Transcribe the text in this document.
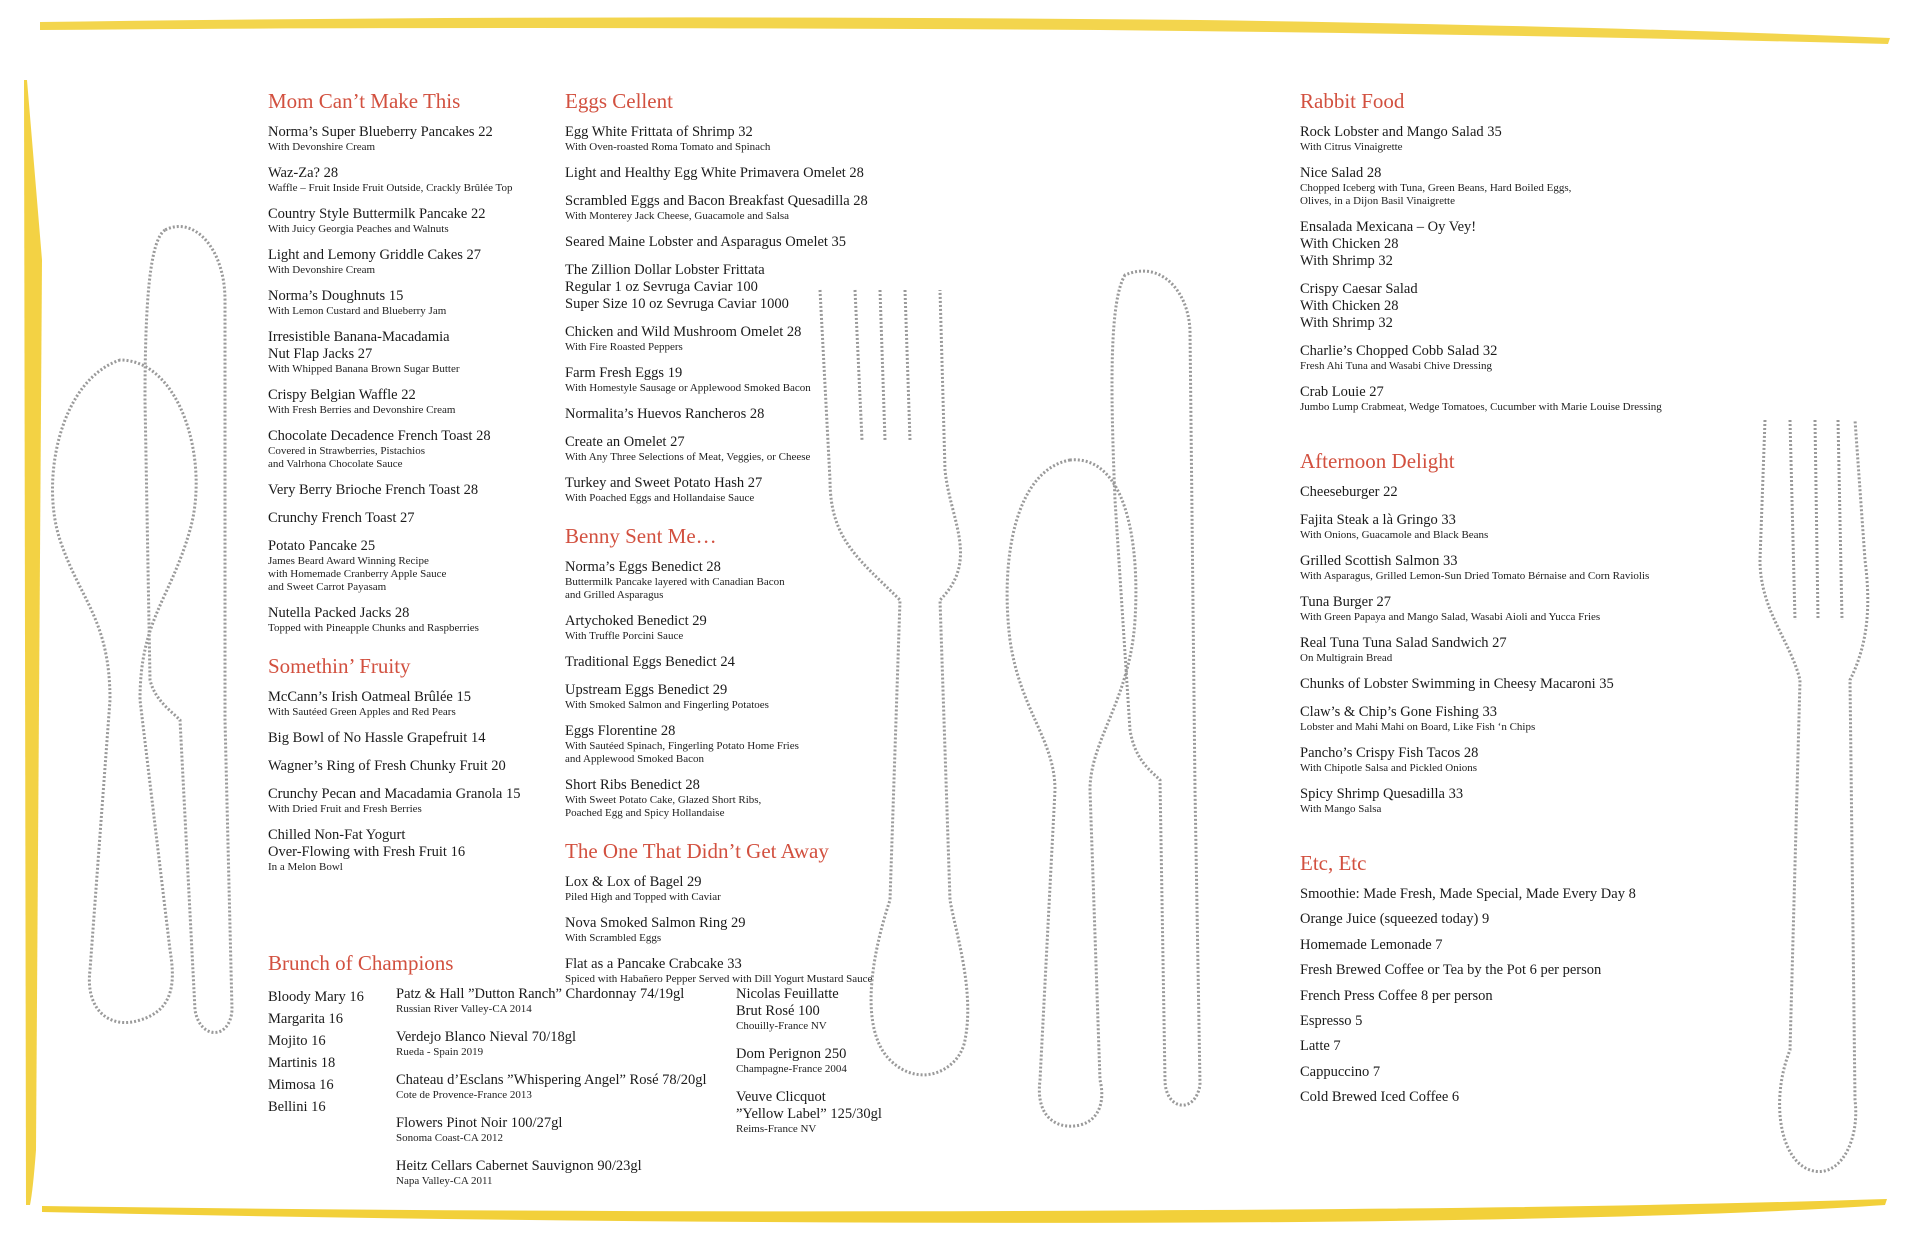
Mom Can’t Make This
Norma’s Super Blueberry Pancakes 22
With Devonshire Cream
Waz-Za? 28
Waffle – Fruit Inside Fruit Outside, Crackly Brûlée Top
Country Style Buttermilk Pancake 22
With Juicy Georgia Peaches and Walnuts
Light and Lemony Griddle Cakes 27
With Devonshire Cream
Norma’s Doughnuts 15
With Lemon Custard and Blueberry Jam
Irresistible Banana-Macadamia
Nut Flap Jacks 27
With Whipped Banana Brown Sugar Butter
Crispy Belgian Waffle 22
With Fresh Berries and Devonshire Cream
Chocolate Decadence French Toast 28
Covered in Strawberries, Pistachios
and Valrhona Chocolate Sauce
Very Berry Brioche French Toast 28
Crunchy French Toast 27
Potato Pancake 25
James Beard Award Winning Recipe
with Homemade Cranberry Apple Sauce
and Sweet Carrot Payasam
Nutella Packed Jacks 28
Topped with Pineapple Chunks and Raspberries
Somethin’ Fruity
McCann’s Irish Oatmeal Brûlée 15
With Sautéed Green Apples and Red Pears
Big Bowl of No Hassle Grapefruit 14
Wagner’s Ring of Fresh Chunky Fruit 20
Crunchy Pecan and Macadamia Granola 15
With Dried Fruit and Fresh Berries
Chilled Non-Fat Yogurt
Over-Flowing with Fresh Fruit 16
In a Melon Bowl
Eggs Cellent
Egg White Frittata of Shrimp 32
With Oven-roasted Roma Tomato and Spinach
Light and Healthy Egg White Primavera Omelet 28
Scrambled Eggs and Bacon Breakfast Quesadilla 28
With Monterey Jack Cheese, Guacamole and Salsa
Seared Maine Lobster and Asparagus Omelet 35
The Zillion Dollar Lobster Frittata
Regular 1 oz Sevruga Caviar 100
Super Size 10 oz Sevruga Caviar 1000
Chicken and Wild Mushroom Omelet 28
With Fire Roasted Peppers
Farm Fresh Eggs 19
With Homestyle Sausage or Applewood Smoked Bacon
Normalita’s Huevos Rancheros 28
Create an Omelet 27
With Any Three Selections of Meat, Veggies, or Cheese
Turkey and Sweet Potato Hash 27
With Poached Eggs and Hollandaise Sauce
Benny Sent Me…
Norma’s Eggs Benedict 28
Buttermilk Pancake layered with Canadian Bacon
and Grilled Asparagus
Artychoked Benedict 29
With Truffle Porcini Sauce
Traditional Eggs Benedict 24
Upstream Eggs Benedict 29
With Smoked Salmon and Fingerling Potatoes
Eggs Florentine 28
With Sautéed Spinach, Fingerling Potato Home Fries
and Applewood Smoked Bacon
Short Ribs Benedict 28
With Sweet Potato Cake, Glazed Short Ribs,
Poached Egg and Spicy Hollandaise
The One That Didn’t Get Away
Lox & Lox of Bagel 29
Piled High and Topped with Caviar
Nova Smoked Salmon Ring 29
With Scrambled Eggs
Flat as a Pancake Crabcake 33
Spiced with Habañero Pepper Served with Dill Yogurt Mustard Sauce
Brunch of Champions
Bloody Mary 16
Margarita 16
Mojito 16
Martinis 18
Mimosa 16
Bellini 16
Patz & Hall ”Dutton Ranch” Chardonnay 74/19gl
Russian River Valley-CA 2014
Verdejo Blanco Nieval 70/18gl
Rueda - Spain 2019
Chateau d’Esclans ”Whispering Angel” Rosé 78/20gl
Cote de Provence-France 2013
Flowers Pinot Noir 100/27gl
Sonoma Coast-CA 2012
Heitz Cellars Cabernet Sauvignon 90/23gl
Napa Valley-CA 2011
Nicolas Feuillatte
Brut Rosé 100
Chouilly-France NV
Dom Perignon 250
Champagne-France 2004
Veuve Clicquot
”Yellow Label” 125/30gl
Reims-France NV
Rabbit Food
Rock Lobster and Mango Salad 35
With Citrus Vinaigrette
Nice Salad 28
Chopped Iceberg with Tuna, Green Beans, Hard Boiled Eggs,
Olives, in a Dijon Basil Vinaigrette
Ensalada Mexicana – Oy Vey!
With Chicken 28
With Shrimp 32
Crispy Caesar Salad
With Chicken 28
With Shrimp 32
Charlie’s Chopped Cobb Salad 32
Fresh Ahi Tuna and Wasabi Chive Dressing
Crab Louie 27
Jumbo Lump Crabmeat, Wedge Tomatoes, Cucumber with Marie Louise Dressing
Afternoon Delight
Cheeseburger 22
Fajita Steak a là Gringo 33
With Onions, Guacamole and Black Beans
Grilled Scottish Salmon 33
With Asparagus, Grilled Lemon-Sun Dried Tomato Bérnaise and Corn Raviolis
Tuna Burger 27
With Green Papaya and Mango Salad, Wasabi Aioli and Yucca Fries
Real Tuna Tuna Salad Sandwich 27
On Multigrain Bread
Chunks of Lobster Swimming in Cheesy Macaroni 35
Claw’s & Chip’s Gone Fishing 33
Lobster and Mahi Mahi on Board, Like Fish ‘n Chips
Pancho’s Crispy Fish Tacos 28
With Chipotle Salsa and Pickled Onions
Spicy Shrimp Quesadilla 33
With Mango Salsa
Etc, Etc
Smoothie: Made Fresh, Made Special, Made Every Day 8
Orange Juice (squeezed today) 9
Homemade Lemonade 7
Fresh Brewed Coffee or Tea by the Pot 6 per person
French Press Coffee 8 per person
Espresso 5
Latte 7
Cappuccino 7
Cold Brewed Iced Coffee 6
